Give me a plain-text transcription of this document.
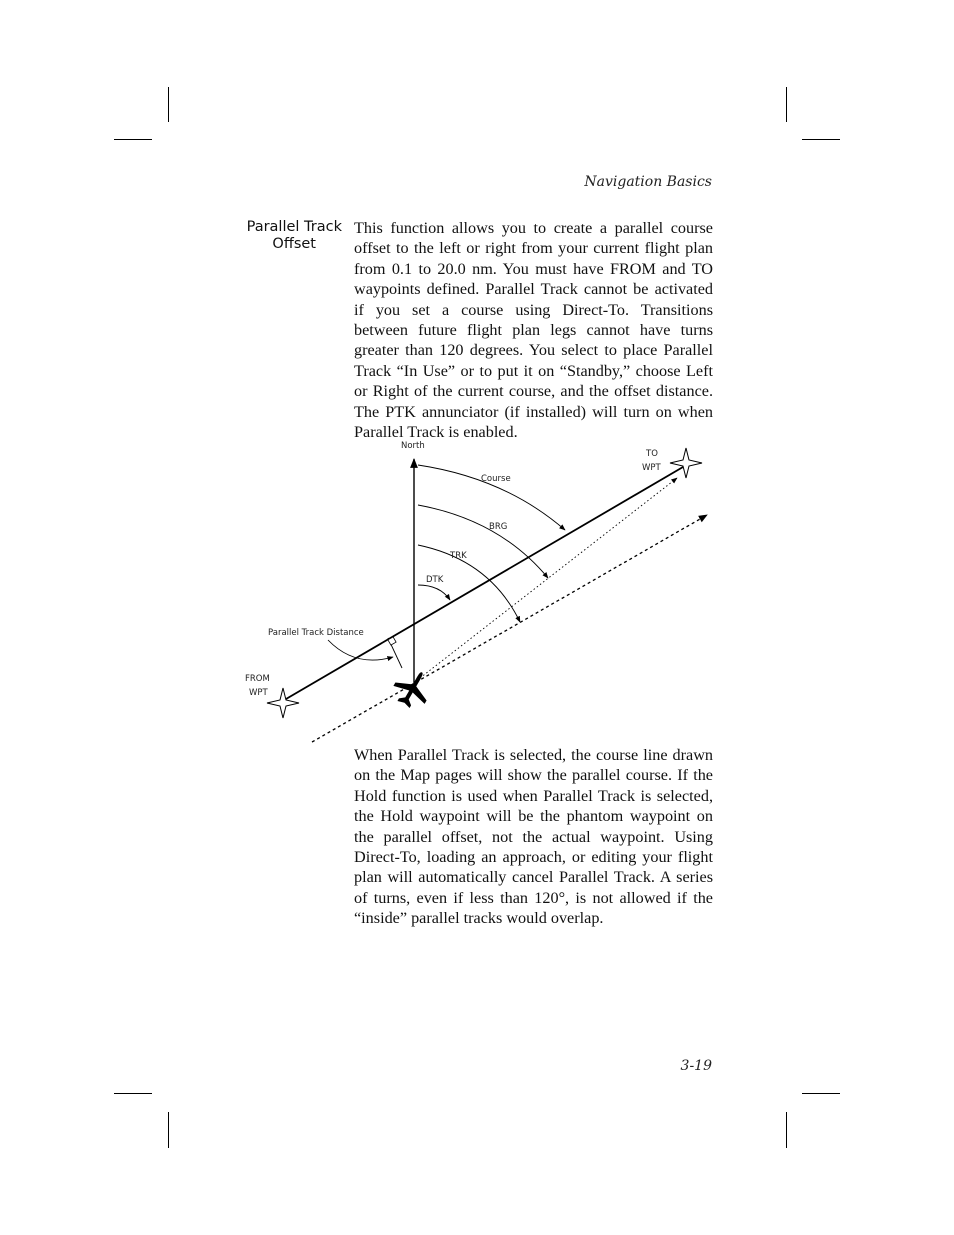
Navigation Basics
Parallel Track
Offset

This function allows you to create a parallel course offset to the left or right from your current flight plan from 0.1 to 20.0 nm. You must have FROM and TO waypoints defined. Parallel Track cannot be activated if you set a course using Direct-To. Transitions between future flight plan legs cannot have turns greater than 120 degrees. You select to place Parallel Track “In Use” or to put it on “Standby,” choose Left or Right of the current course, and the offset distance. The PTK annunciator (if installed) will turn on when Parallel Track is enabled.

North
TO
WPT
FROM
WPT
Course
BRG
TRK
DTK
Parallel Track Distance

When Parallel Track is selected, the course line drawn on the Map pages will show the parallel course. If the Hold function is used when Parallel Track is selected, the Hold waypoint will be the phantom waypoint on the parallel offset, not the actual waypoint. Using Direct-To, loading an approach, or editing your flight plan will automatically cancel Parallel Track. A series of turns, even if less than 120°, is not allowed if the “inside” parallel tracks would overlap.

3-19
